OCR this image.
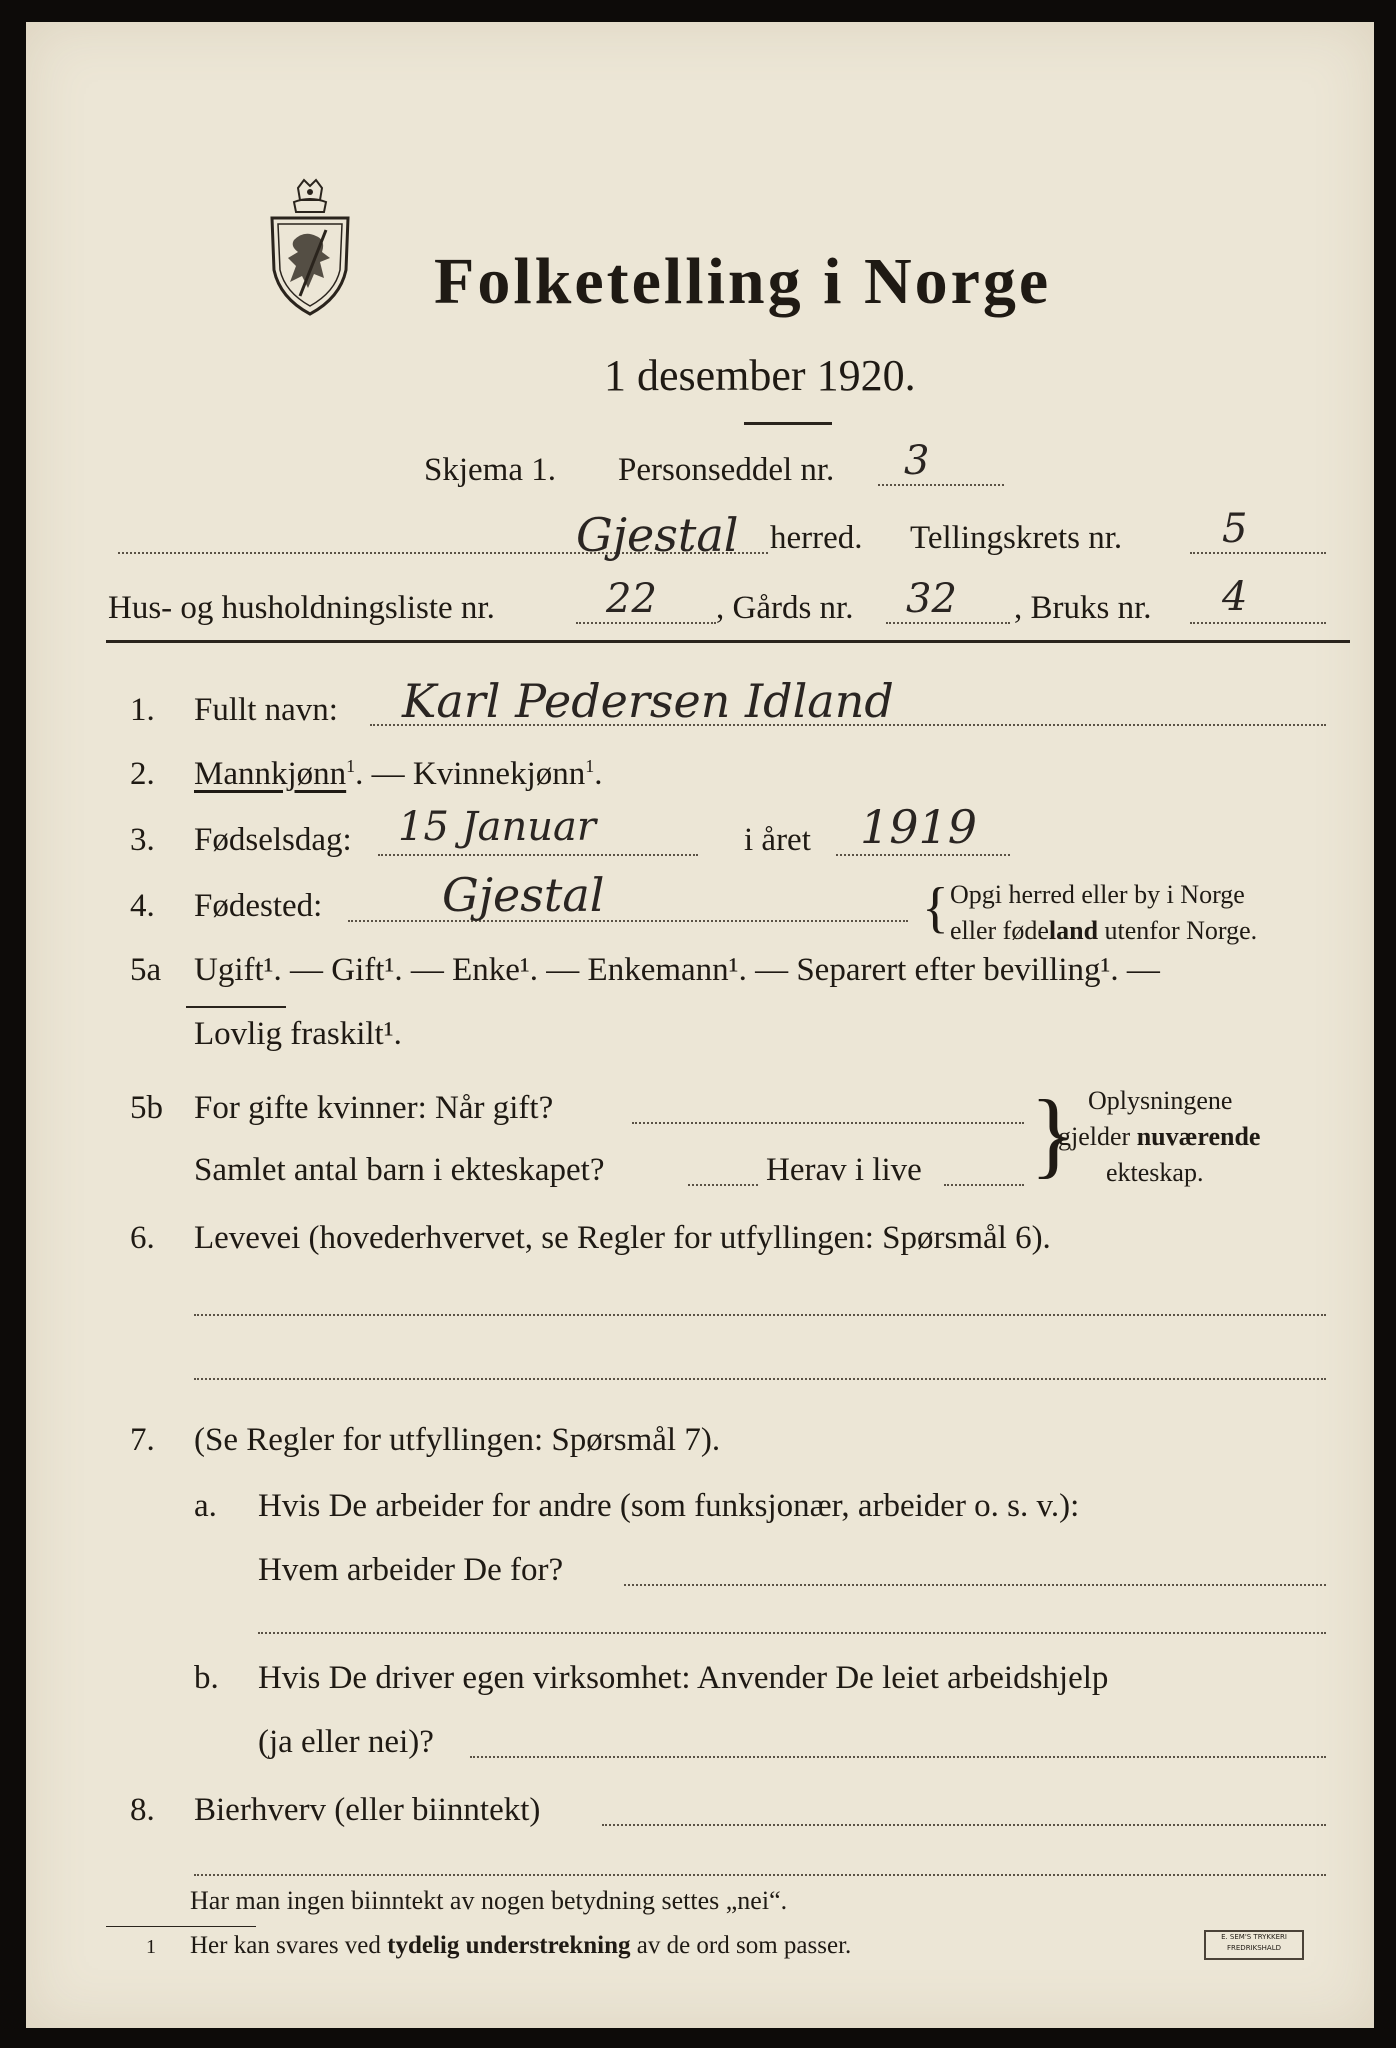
Folketelling i Norge
1 desember 1920.
Skjema 1. Personseddel nr. 3
Gjestal herred. Tellingskrets nr. 5
Hus- og husholdningsliste nr.	22 , Gårds nr. 32 , Bruks nr. 4
1. Fullt navn: Karl Pedersen Idland
2. Mannkjønn$^1$. — Kvinnekjønn$^1$.
3. Fødselsdag: 15 Januar	i året 1919
4. Fødested:	Gjestal	{ Opgi herred eller by i Norge
eller fødeland utenfor Norge.
5a Ugift¹. — Gift¹. — Enke¹. — Enkemann¹. — Separert efter bevilling¹. —
Lovlig fraskilt¹.
5b For gifte kvinner: Når gift?
Samlet antal barn i ekteskapet?	Herav i live } Oplysningene
gjelder nuværende
ekteskap.
6. Levevei (hovederhvervet, se Regler for utfyllingen: Spørsmål 6).
7. (Se Regler for utfyllingen: Spørsmål 7).
a. Hvis De arbeider for andre (som funksjonær, arbeider o. s. v.):
Hvem arbeider De for?
b. Hvis De driver egen virksomhet: Anvender De leiet arbeidshjelp
(ja eller nei)?
8. Bierhverv (eller biinntekt)
Har man ingen biinntekt av nogen betydning settes „nei“.
1 Her kan svares ved tydelig understrekning av de ord som passer.	E. SEM'S TRYKKERI
FREDRIKSHALD
